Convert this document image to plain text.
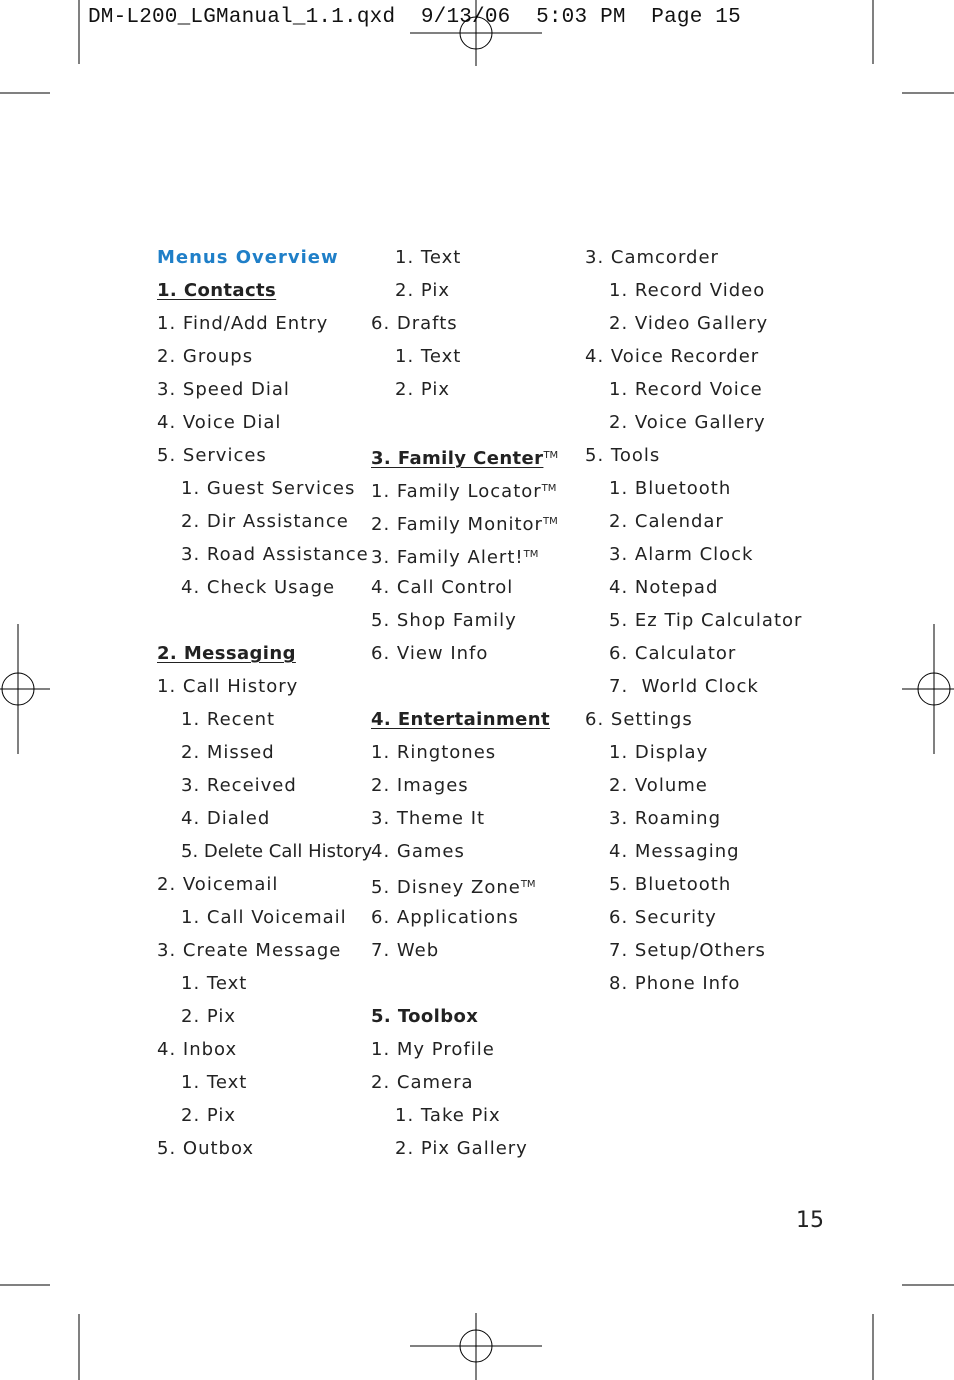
DM-L200_LGManual_1.1.qxd  9/13/06  5:03 PM  Page 15
Menus Overview
1. Contacts
1. Find/Add Entry
2. Groups
3. Speed Dial
4. Voice Dial
5. Services
1. Guest Services
2. Dir Assistance
3. Road Assistance
4. Check Usage
2. Messaging
1. Call History
1. Recent
2. Missed
3. Received
4. Dialed
5. Delete Call History
2. Voicemail
1. Call Voicemail
3. Create Message
1. Text
2. Pix
4. Inbox
1. Text
2. Pix
5. Outbox
1. Text
2. Pix
6. Drafts
1. Text
2. Pix
3. Family Center™
1. Family Locator™
2. Family Monitor™
3. Family Alert!™
4. Call Control
5. Shop Family
6. View Info
4. Entertainment
1. Ringtones
2. Images
3. Theme It
4. Games
5. Disney Zone™
6. Applications
7. Web
5. Toolbox
1. My Profile
2. Camera
1. Take Pix
2. Pix Gallery
3. Camcorder
1. Record Video
2. Video Gallery
4. Voice Recorder
1. Record Voice
2. Voice Gallery
5. Tools
1. Bluetooth
2. Calendar
3. Alarm Clock
4. Notepad
5. Ez Tip Calculator
6. Calculator
7.  World Clock
6. Settings
1. Display
2. Volume
3. Roaming
4. Messaging
5. Bluetooth
6. Security
7. Setup/Others
8. Phone Info
15
